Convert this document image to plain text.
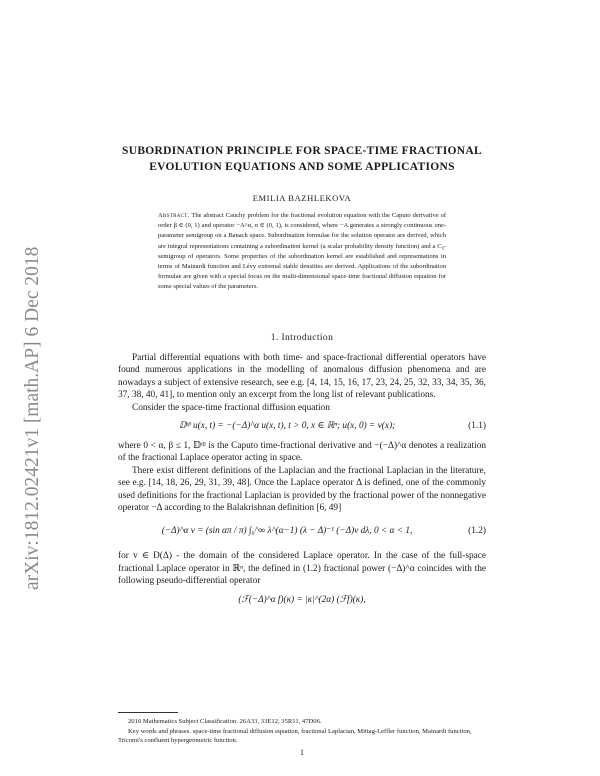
arXiv:1812.02421v1 [math.AP] 6 Dec 2018
SUBORDINATION PRINCIPLE FOR SPACE-TIME FRACTIONAL
EVOLUTION EQUATIONS AND SOME APPLICATIONS
EMILIA BAZHLEKOVA
Abstract. The abstract Cauchy problem for the fractional evolution equation with the Caputo derivative of order β ∈ (0, 1) and operator −A^α, α ∈ (0, 1), is considered, where −A generates a strongly continuous one-parameter semigroup on a Banach space. Subordination formulae for the solution operator are derived, which are integral representations containing a subordination kernel (a scalar probability density function) and a C₀-semigroup of operators. Some properties of the subordination kernel are established and representations in terms of Mainardi function and Lévy extremal stable densities are derived. Applications of the subordination formulae are given with a special focus on the multi-dimensional space-time fractional diffusion equation for some special values of the parameters.
1. Introduction

Partial differential equations with both time- and space-fractional differential operators have found numerous applications in the modelling of anomalous diffusion phenomena and are nowadays a subject of extensive research, see e.g. [4, 14, 15, 16, 17, 23, 24, 25, 32, 33, 34, 35, 36, 37, 38, 40, 41], to mention only an excerpt from the long list of relevant publications.

Consider the space-time fractional diffusion equation

𝔻ᵗᵝ u(x, t) = −(−Δ)^α u(x, t), t > 0, x ∈ ℝⁿ; u(x, 0) = v(x);	(1.1)

where 0 < α, β ≤ 1, 𝔻ᵗᵝ is the Caputo time-fractional derivative and −(−Δ)^α denotes a realization of the fractional Laplace operator acting in space.

There exist different definitions of the Laplacian and the fractional Laplacian in the literature, see e.g. [14, 18, 26, 29, 31, 39, 48]. Once the Laplace operator Δ is defined, one of the commonly used definitions for the fractional Laplacian is provided by the fractional power of the nonnegative operator −Δ according to the Balakrishnan definition [6, 49]

(−Δ)^α v = (sin απ / π) ∫₀^∞ λ^(α−1) (λ − Δ)⁻¹ (−Δ)v dλ, 0 < α < 1,	(1.2)

for v ∈ D(Δ) - the domain of the considered Laplace operator. In the case of the full-space fractional Laplace operator in ℝⁿ, the defined in (1.2) fractional power (−Δ)^α coincides with the following pseudo-differential operator

(ℱ(−Δ)^α f)(κ) = |κ|^(2α) (ℱf)(κ),

2010 Mathematics Subject Classification. 26A33, 33E12, 35R11, 47D06.

Key words and phrases. space-time fractional diffusion equation, fractional Laplacian, Mittag-Leffler function, Mainardi function, Tricomi's confluent hypergeometric function.

1
